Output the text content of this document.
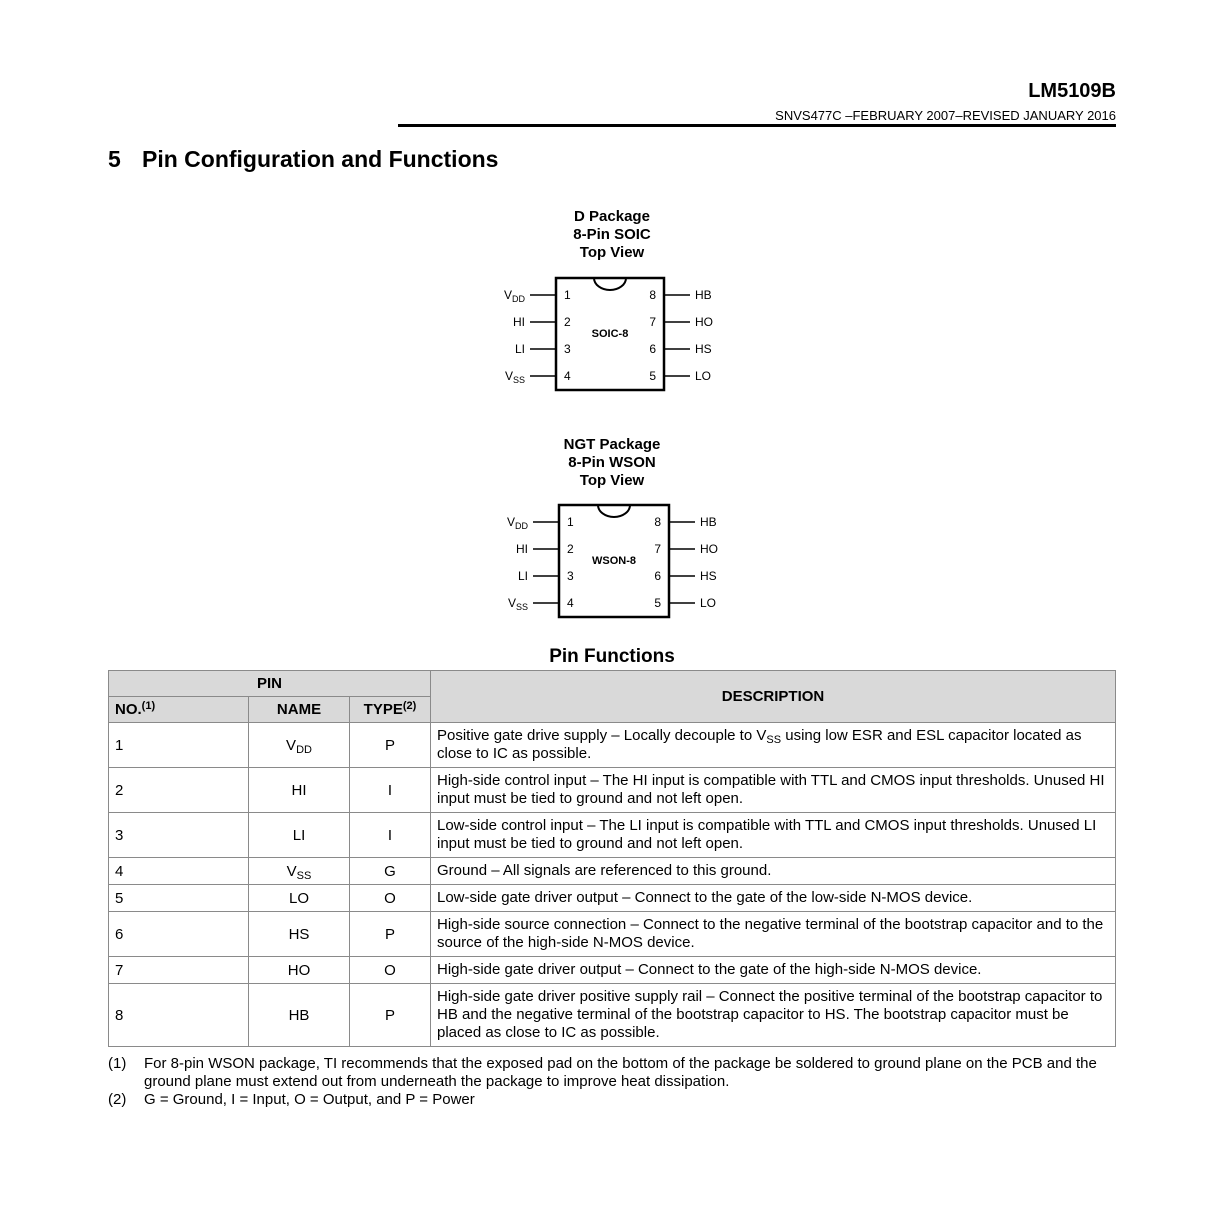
LM5109B
SNVS477C –FEBRUARY 2007–REVISED JANUARY 2016
5 Pin Configuration and Functions
D Package
8-Pin SOIC
Top View
SOIC-8
1
$V_{DD}$
2
HI
3
LI
4
$V_{SS}$
8	HB
7	HO
6	HS
5	LO
NGT Package
8-Pin WSON
Top View
WSON-8
1
$V_{DD}$
2
HI
3
LI
4
$V_{SS}$
8	HB
7	HO
6	HS
5	LO
Pin Functions
PIN			DESCRIPTION
NO.$^{(1)}$	NAME	TYPE$^{(2)}$
1	$V_{DD}$	P	Positive gate drive supply – Locally decouple to $V_{SS}$ using low ESR and ESL capacitor located as close to IC as possible.
2	HI	I	High-side control input – The HI input is compatible with TTL and CMOS input thresholds. Unused HI input must be tied to ground and not left open.
3	LI	I	Low-side control input – The LI input is compatible with TTL and CMOS input thresholds. Unused LI input must be tied to ground and not left open.
4	$V_{SS}$	G	Ground – All signals are referenced to this ground.
5	LO	O	Low-side gate driver output – Connect to the gate of the low-side N-MOS device.
6	HS	P	High-side source connection – Connect to the negative terminal of the bootstrap capacitor and to the source of the high-side N-MOS device.
7	HO	O	High-side gate driver output – Connect to the gate of the high-side N-MOS device.
8	HB	P	High-side gate driver positive supply rail – Connect the positive terminal of the bootstrap capacitor to HB and the negative terminal of the bootstrap capacitor to HS. The bootstrap capacitor must be placed as close to IC as possible.
(1)	For 8-pin WSON package, TI recommends that the exposed pad on the bottom of the package be soldered to ground plane on the PCB and the ground plane must extend out from underneath the package to improve heat dissipation.
(2)	G = Ground, I = Input, O = Output, and P = Power
